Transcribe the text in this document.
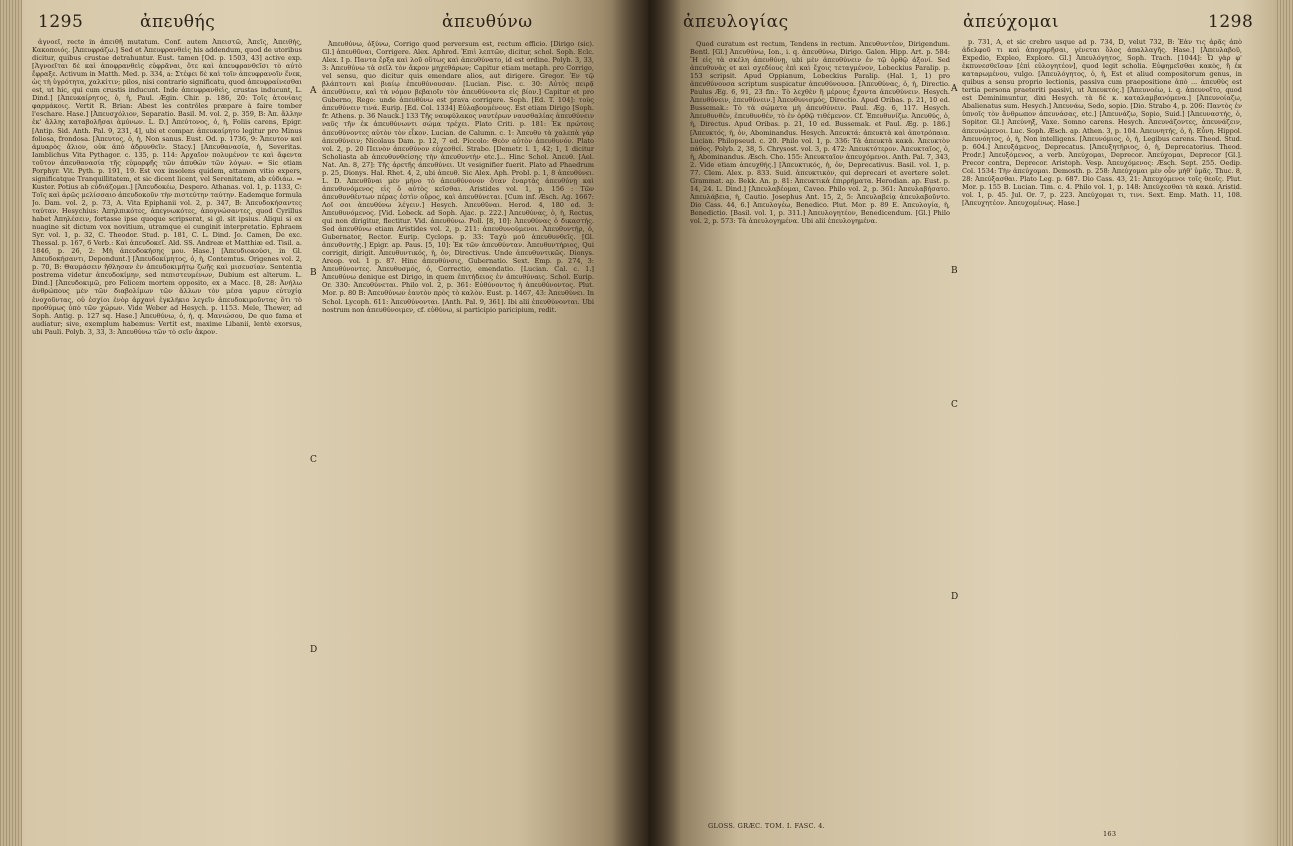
1295	ἀπευθής	ἀπευθύνω

ἀγνοεῖ, recte in ἀπειθῆ mutatum. Conf. autem Ἀπειστῶ, Ἀπεῖς, Ἀπειθής, Κακοποιός. [Ἀπευφράζω.] Sed et Ἀπευφρανθεὶς his addendum, quod de utoribus dicitur, quibus crustae detrahuntur. Eust. tamen [Od. p. 1503, 43] active exp. [Ἀγνοεῖται δὲ καὶ ἀποφρανθεὶς εὐφρᾶναι, ὅτε καὶ ἀπευφρανθεῖσι τὸ αὐτὸ ἔφραξε. Activum in Matth. Med. p. 334, a: Στέφει δὲ καὶ τοῖν ἀπευφρανοῖν ἕνεκ, ὡς τὴ ὑγρότητα, χαλκίτιν; pilos, nisi contrario significatu, quod ἀπευφραίνεσθαι est, ut hic, qui cum crustis inducunt. Inde ἀπευφρανθεὶς, crustas inducunt, L. Dind.] [Ἀπευκαίρητος, ὁ, ἡ, Paul. Ægin. Chir. p. 186, 20: Τοῖς ἀτονίαις φαρμάκοις. Vertit R. Brian: Abest les contrôles præpare à faire tomber l'eschare. Hase.] [Ἀπευσχόλιον, Separatio. Basil. M. vol. 2, p. 359, B: Ἀπ. ἄλλην ἐκ' ἄλλης καταβολῆσαι ἀμύνων. L. D.] Ἀπεύτονος, ὁ, ἡ, Foliis carens, Epigr. [Antip. Sid. Anth. Pal. 9, 231, 4], ubi et compar. ἀπευκαίρητο legitur pro Minus foliosa, frondosa. [Ἀπευτος, ὁ, ἡ, Non sanus. Eust. Od. p. 1736, 9: Ἄπευτον καὶ ἀμυαρὸς ἄλιον, οὐκ ἀπὸ ἀδρυνθεῖν. Stacy.] [Ἀπευθανασία, ἡ, Severitas. Iamblichus Vita Pythagor. c. 135, p. 114: Ἀρχαῖον πολυμένον τε καὶ ἄφεντα τοῦτον ἀπευθανασία τῆς εὐμορφῆς τῶν ἀπυθών τῶν λόγων. = Sic etiam Porphyr. Vit. Pyth. p. 191, 19. Est vox insolens quidem, attamen vitio expers, significatque Tranquillitatem, et sic dicent licent, vel Serenitatem, ab εὐδιάω. = Kuster. Potius ab εὐδιάζομαι.] [Ἀπευδοκέω, Despero. Athanas. vol. 1, p. 1133, C: Τοῖς καὶ ἀρῶς μελίσσαιο ἀπευδοκοῦν τὴν πιστεύτην ταύτην. Eademque formula Jo. Dam. vol. 2, p. 73, A. Vita Epiphanii vol. 2, p. 347, B: Ἀπευδοκήσαντες ταύταν. Hesychius: Ἀπηλπικότες, ἀπεγνωκότες, ἀπογνώσαντες, quod Cyrillus habet Ἀπηλέσειν, fortasse ipse quoque scripserat, si gl. sit ipsius. Aliqui si ex nuagine sit dictum vox novitium, utramque ei cunginit interpretatio. Ephraem Syr. vol. 1, p. 32, C. Theodor. Stud. p. 181, C. L. Dind. Jo. Camen, De exc. Thessal. p. 167, 6 Verb.: Καὶ ἀπευδοκεῖ. Ald. SS. Andreæ et Matthiæ ed. Tisil. a. 1846, p. 26, 2: Μὴ ἀπευδοκήσης μου. Hase.] [Ἀπευδιοκούσι, in Gl. Ἀπευδοκήσαντι, Depondunt.] [Ἀπευδοκίμητος, ὁ, ἡ, Contemtus. Origenes vol. 2, p. 70, B: Θαυμάσειν ἤθλησαν ἐν ἀπευδοκιμήτῳ ζωῆς καὶ μισευσίαν. Sententia postrema videtur ἀπευδοκίμην, sed πεπιστευμένων, Dubium est alterum. L. Dind.] [Ἀπευδοκιμῶ, pro Felicem mortem opposito, ex a Macc. [8, 28: Ἀνήλω ἀνθρώπους μὲν τῶν διαβολίμων τῶν ἄλλων τὸν μέσα γαρυν εὐτυχίᾳ ἐνοχοῦντας, οὐ ἐσχίοι ἐνὸρ ἀρχανὶ ἐγκλήκιο λεγεῖν ἀπευδοκιμοῦντας ὅτι τὸ προθύμως ὑπὸ τῶν χώρων. Vide Weber ad Hesych. p. 1153. Mele, Thewer, ad Soph. Antig. p. 127 sq. Hase.] Ἀπευθύνω, ὁ, ἡ, q. Μανιώσου, De quo fama et audiatur; sive, exemplum habemus: Vertit est, maxime Libanii, lentè exorsus, ubi Pauli. Polyb. 3, 33, 3: Ἀπευθύνω τῶν τὸ σεῖν ἄκρον.

A
B
C
D

Ἀπευθύνω, ὀξύνω, Corrigo quod perversum est, rectum efficio. [Dirigo (sic). Gl.] ἀπευθῦναι, Corrigere. Alex. Aphrod. Ἐπιὶ λεπτῶν, dicitur, schol. Soph. Eclc. Alex. I p. Παντα ἔρξα καὶ λοῦ οὕτως καὶ ἀπευθύνατο, id est ordine. Polyb. 3, 33, 3: Ἀπευθύνω τὰ σεῖλ τὸν ἄκρον μηχεθάρων; Capitur etiam metaph. pro Corrigo, vel sensu, quo dicitur quis emendare alios, aut dirigere. Gregor. Ἐν τῷ βλάπτοντι καὶ βιαίῳ ἐπευθύνουσαν. [Lucian. Pisc. c. 30: Αὐτὸς πειρᾷ ἀπευθύνειν, καὶ τὰ νόμον βεβαιοῖν τὸν ἀπευθύνοντα εἰς βίον.] Capitur et pro Guberno, Rego: unde ἀπευθύνω est prava corrigere. Soph. [Ed. T. 104]: τοὺς ἀπευθύνειν τινά. Eurip. [Ed. Col. 1334] Εὐλαβουμένους. Est etiam Dirigo [Soph. fr. Athens. p. 36 Nauck.] 133 Τῆς ναυφύλακος ναυτέρων ναυσθαλίας ἀπευθύνειν ναῦς τῆν ἐκ ἀπευθύνωντι σώμα τρέχει. Plato Criti. p. 181: Ἐκ πρώτοις ἀπευθύνοντες αὐτὸν τὸν εἶκον. Lucian. de Calumn. c. 1: Ἀπευθυ τὰ χαλεπὰ γάρ ἀπευθύνειν; Nicolaus Dam. p. 12, 7 ed. Piccolo: Θεὸν αὐτὸν ἀπευθυνόν. Plato vol. 2, p. 20 Πεινὸν ἀπευθύνον εὐχεσθεί. Strabo. [Demetr. l. 1, 42; 1, 1 dicitur Scholiasta ab ἀπευθυνθείσης τὴν ἀπευθυντὴν etc.]... Hinc Schol. Ἀπευθ. [Ael. Nat. An. 8, 27]: Τῆς ἀρετῆς ἀπευθύνει. Ut vesignifier fuerit. Plato ad Phaedrum p. 25, Dionys. Hal. Rhet. 4, 2, ubi ἀπευθ. Sic Alex. Aph. Probl. p. 1, 8 ἀπευθύνει. L. D. Ἀπευθῦναι μὲν μήνο τὸ ἀπευθύνονον ὅταν ἐναρτὰς ἀπευθύνῃ καὶ ἀπευθυνόμενος εἰς ὃ αὐτὸς κεῖσθαι. Aristides vol. 1, p. 156 : Τῶν ἀπευθυνθέντων πέρας ἐστὶν οὔρος, καὶ ἀπευθύνεται. [Cum inf. Æsch. Ag. 1667: Λοῖ σοι ἀπευθύνω λέγειν.] Hesych. Ἀπευθῦναι. Herod. 4, 180 ed. 3: Ἀπευθυνόμενος. [Vid. Lobeck. ad Soph. Ajac. p. 222.] Ἀπευθύνας, ὁ, ἡ, Rectus, qui non dirigitur, flectitur. Vid. ἀπευθύνω. Poll. [8, 10]: Ἀπευθύνας ὁ δικαστής. Sed ἀπευθύνω etiam Aristides vol. 2, p. 211: ἀπευθυνούμενοι. Ἀπευθυντήρ, ὁ, Gubernator, Rector. Eurip. Cyclops. p. 33: Ταχὺ μοῦ ἀπευθυνθεῖς. [Gl. ἀπευθυντὴς.] Epigr. ap. Paus. [5, 10]: Ἐκ τῶν ἀπευθύνταν. Ἀπευθυντήριος, Qui corrigit, dirigit. Ἀπευθυντικός, ἡ, ὁν, Directivus. Unde ἀπευθυντικῶς. Dionys. Areop. vol. 1 p. 87. Hinc ἀπευθύνσις, Gubernatio. Sext. Emp. p. 274, 3: Ἀπευθύνοντες. Ἀπευθυσμός, ὁ, Correctio, emendatio. [Lucian. Cal. c. 1.] Ἀπευθύνω denique est Dirigo, in quem ἐπιτήδειος ἐν ἀπευθύναις. Schol. Eurip. Or. 330: Ἀπευθύνεται. Philo vol. 2, p. 361: Εὐθύνοντος ἡ ἀπευθύνοντος. Plut. Mor. p. 80 B: Ἀπευθύνων ἑαυτὸν πρὸς τὸ καλὸν. Eust. p. 1467, 43: Ἀπευθύνει. In Schol. Lycoph. 611: Ἀπευθύνονται. [Anth. Pal. 9, 361]. Ibi alii ἐπευθύνονται. Ubi nostrum non ἀπευθύνοιμεν, cf. εὐθύνω, si participio paricipium, redit.

ἀπευλογίας	ἀπεύχομαι	1298

Quod curatum est rectum, Tendens in rectum. Ἀπευθυντέον, Dirigendum. Bentl. [Gl.] Ἀπευθύνω, Ion., i. q. ἀπευθύνω, Dirigo. Galen. Hipp. Art. p. 584: Ἢ εἰς τὰ σκέλη ἀπευθύνῃ, ubi μὲν ἀπευθύνειν ἐν τῷ ὀρθῷ ἀξονί. Sed ἀπευθυνὰς et καὶ σχεδίους ἐπὶ καὶ ἔχοις τεταγμένον, Lobeckius Paralip. p. 153 scripsit. Apud Oppianum, Lobeckius Paralip. (Hal. 1, 1) pro ἀπευθύνουσα scriptum suspicatur ἀπευθύνουσα. [Ἀπευθύνας, ὁ, ἡ, Directio. Paulus Æg. 6, 91, 23 fin.: Τὸ λεχθὲν ἢ μέρους ἔχοντα ἀπευθύνειν. Hesych. Ἀπευθύνειν, ἐπευθύνειν.] Ἀπευθυνισμός, Directio. Apud Oribas. p. 21, 10 ed. Bussemak.: Τὸ τὰ σώματα μὴ ἀπευθύνειν. Paul. Æg. 6, 117. Hesych. Ἀπευθυνθέν, ἐπευθυνθέν, τὸ ἐν ὀρθῷ τιθέμενον. Cf. Ἐπευθυνίζω. Ἀπευθύς, ὁ, ἡ, Directus. Apud Oribas. p. 21, 10 ed. Bussemak. et Paul. Æg. p. 186.] [Ἀπευκτός, ἡ, ὁν, Abominandus. Hesych. Ἀπευκτά: ἀπευκτὰ καὶ ἀποτρόπαια. Lucian. Philopseud. c. 20. Philo vol. 1, p. 336: Τὰ ἀπευκτὰ κακὰ. Ἀπευκτὸν πάθος. Polyb. 2, 38, 5. Chrysost. vol. 3, p. 472: Ἀπευκτότερον. Ἀπευκταῖος, ὁ, ἡ, Abominandus. Æsch. Cho. 155: Ἀπευκταῖον ἀπευχόμενοι. Anth. Pal. 7, 343, 2. Vide etiam ἀπευχθής.] [Ἀπευκτικός, ἡ, ὁν, Deprecativus. Basil. vol. 1, p. 77. Clem. Alex. p. 833. Suid. ἀπευκτικὸν, qui deprecari et avertere solet. Grammat. ap. Bekk. An. p. 81: Ἀπευκτικὰ ἐπιρρήματα. Herodian. ap. Eust. p. 14, 24. L. Dind.] [Ἀπευλαβέομαι, Caveo. Philo vol. 2, p. 361: Ἀπευλαβήσατο. Ἀπευλάβεια, ἡ, Cautio. Josephus Ant. 15, 2, 5: Ἀπευλαβείᾳ ἀπευλαβοῦντο. Dio Cass. 44, 6.] Ἀπευλογέω, Benedico. Plut. Mor. p. 89 E. Ἀπευλογία, ἡ, Benedictio. [Basil. vol. 1, p. 311.] Ἀπευλογητέον, Benedicendum. [Gl.] Philo vol. 2, p. 573: Τὰ ἀπευλογημένα. Ubi alii ἐπευλογημένα.

A
B
C
D

p. 731, A, et sic crebro usque ad p. 734, D, velut 732, B: Ἐὰν τις ἀρᾶς ἀπὸ ἀδελφοῦ τι καὶ ἀποχαρῆσαι, γένεται ὅλος ἀπαλλαγῆς. Hase.] [Ἀπευλαβοῦ, Expedio, Expleo, Exploro. Gl.] Ἀπευλόγητος, Soph. Trach. [1044]: Ὦ γὰρ φ' ἐκπυνεσθεῖσαν [ἐπὶ εὐλογητέον], quod legit scholia. Εὐφημεῖσθαι κακὸς, ἢ ἐκ καταρωμένου, vulgo. [Ἀπευλόγητος, ὁ, ἡ, Est et aliud compositorum genus, in quibus a sensu proprio lectionis, passiva cum praepositione ἀπὸ ... ἀπευθὺς est tertia persona praeteriti passivi, ut Ἀπευκτός.] [Ἀπευνοέω, i. q. ἀπευνοῖτο, quod est Deminimuntur, dixi Hesych. τὰ δὲ κ. καταλαμβανόμενα.] [Ἀπευνοίαζω, Abalienatus sum. Hesych.] Ἀπευνάω, Sedo, sopio. [Dio. Strabo 4, p. 206: Παντὸς ἐν ὑπνοῖς τὸν ἄνθρωπον ἀπευνάσας, etc.] [Ἀπευνάζω, Sopio, Suid.] [Ἀπευναστής, ὁ, Sopitor. Gl.] Ἀπεύνηξ, Vaxe. Somno carens. Hesych. Ἀπευνάζοντες, ἀπευνάζειν, ἀπευνώμενοι. Luc. Soph. Æsch. ap. Athen. 3, p. 104. Ἀπευνητής, ὁ, ἡ. Εὖνη. Hippol. Ἀπευνόητος, ὁ, ἡ, Non intelligens. [Ἀπευνόμιος, ὁ, ἡ, Legibus carens. Theod. Stud. p. 604.] Ἀπευξάμενος, Deprecatus. [Ἀπευξητήριος, ὁ, ἡ, Deprecatorius. Theod. Prodr.] Ἀπευξόμενος, a verb. Ἀπεύχομαι, Deprecor. Ἀπεύχομαι, Deprecor [Gl.]. Precor contra, Deprecor. Aristoph. Vesp. Ἀπευχόμενος: Æsch. Sept. 255. Oedip. Col. 1534: Τὴν ἀπεύχομαι. Demosth. p. 258: Ἀπεύχομαι μὲν οὖν μήθ' ὑμᾶς. Thuc. 8, 28: Ἀπεύξασθαι. Plato Leg. p. 687. Dio Cass. 43, 21: Ἀπευχόμενοι τοῖς θεοῖς. Plut. Mor. p. 155 B. Lucian. Tim. c. 4. Philo vol. 1, p. 148: Ἀπεύχεσθαι τὰ κακά. Aristid. vol. 1, p. 45. Jul. Or. 7, p. 223. Ἀπεύχομαι τι, τινι. Sext. Emp. Math. 11, 108. [Ἀπευχητέον. Ἀπευχομένως. Hase.]

GLOSS. GRÆC. TOM. I. FASC. 4.
163
